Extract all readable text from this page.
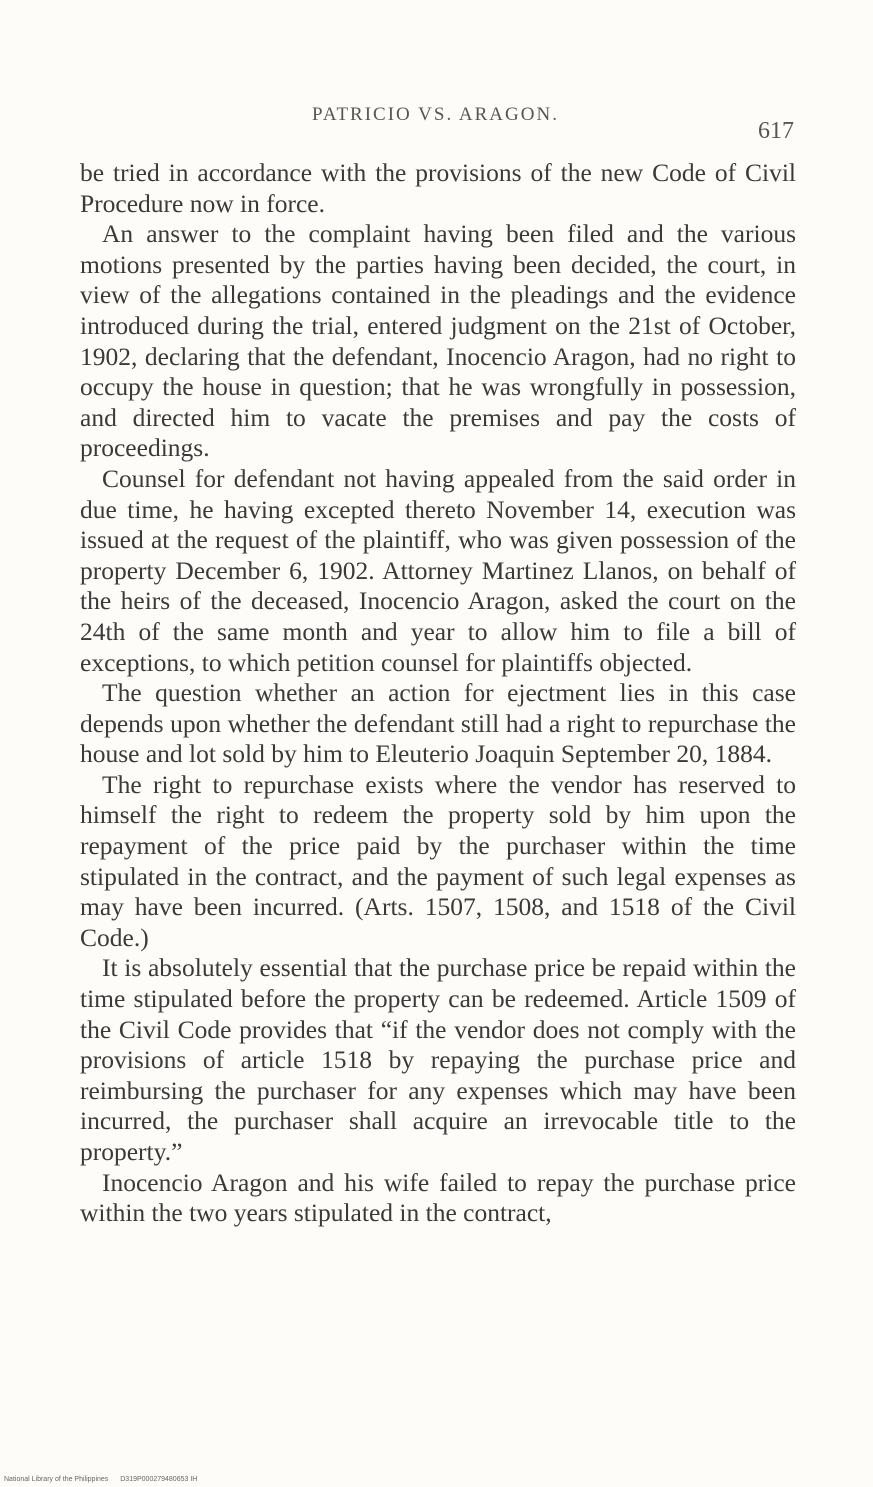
PATRICIO VS. ARAGON.
617

be tried in accordance with the provisions of the new Code of Civil Procedure now in force.

An answer to the complaint having been filed and the various motions presented by the parties having been decided, the court, in view of the allegations contained in the pleadings and the evidence introduced during the trial, entered judgment on the 21st of October, 1902, declaring that the defendant, Inocencio Aragon, had no right to occupy the house in question; that he was wrongfully in possession, and directed him to vacate the premises and pay the costs of proceedings.

Counsel for defendant not having appealed from the said order in due time, he having excepted thereto November 14, execution was issued at the request of the plaintiff, who was given possession of the property December 6, 1902. Attorney Martinez Llanos, on behalf of the heirs of the deceased, Inocencio Aragon, asked the court on the 24th of the same month and year to allow him to file a bill of exceptions, to which petition counsel for plaintiffs objected.

The question whether an action for ejectment lies in this case depends upon whether the defendant still had a right to repurchase the house and lot sold by him to Eleuterio Joaquin September 20, 1884.

The right to repurchase exists where the vendor has reserved to himself the right to redeem the property sold by him upon the repayment of the price paid by the purchaser within the time stipulated in the contract, and the payment of such legal expenses as may have been incurred. (Arts. 1507, 1508, and 1518 of the Civil Code.)

It is absolutely essential that the purchase price be repaid within the time stipulated before the property can be redeemed. Article 1509 of the Civil Code provides that “if the vendor does not comply with the provisions of article 1518 by repaying the purchase price and reimbursing the purchaser for any expenses which may have been incurred, the purchaser shall acquire an irrevocable title to the property.”

Inocencio Aragon and his wife failed to repay the purchase price within the two years stipulated in the contract,

National Library of the Philippines D319P000279480653 IH
